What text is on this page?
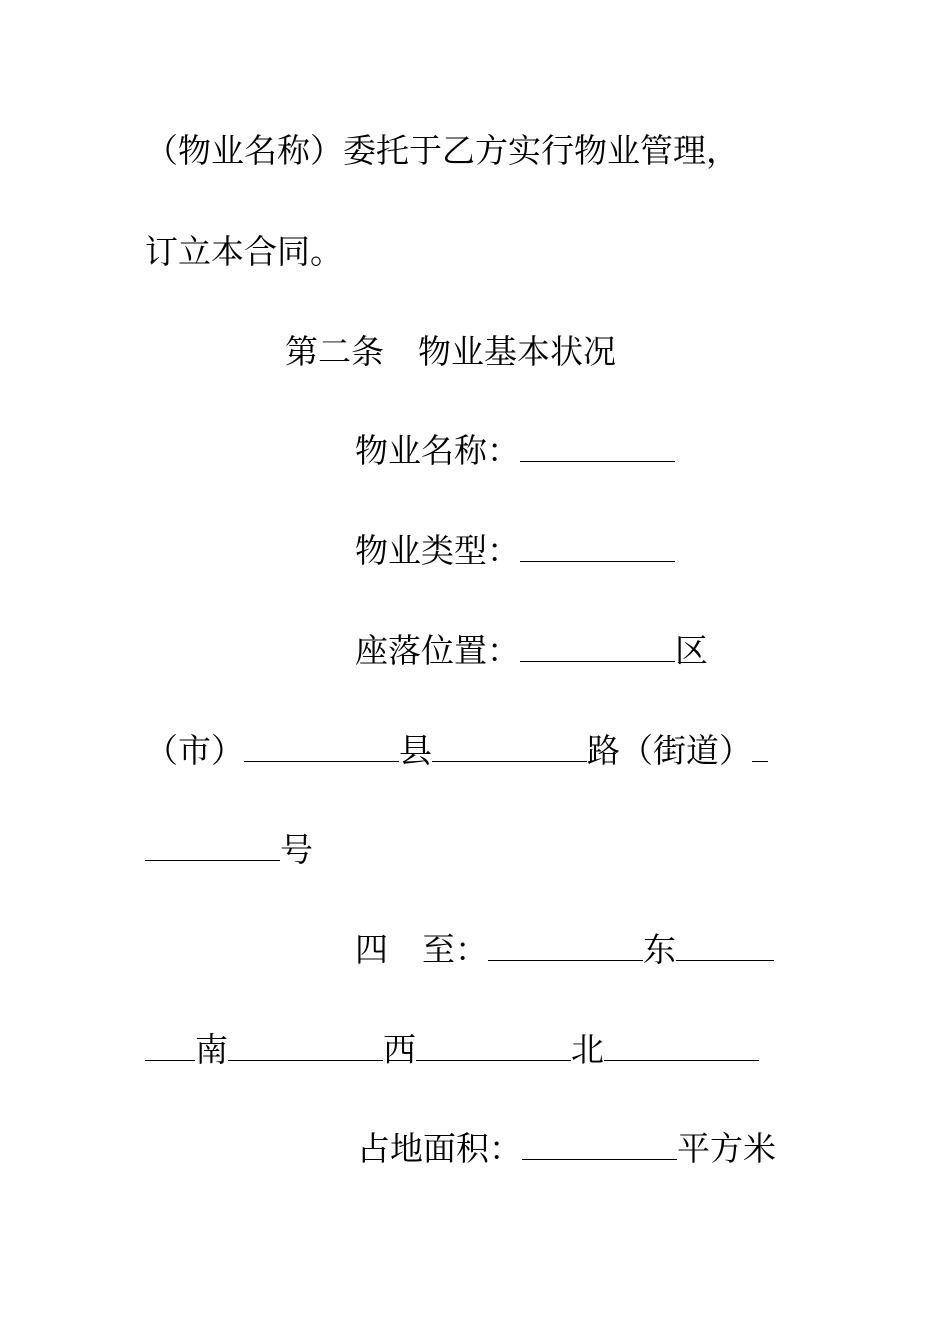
（物业名称）委托于乙方实行物业管理，
订立本合同。
第二条 物业基本状况
物业名称：
物业类型：
座落位置：	区
（市）	县	路（街道）
号
四 至：	东
南	西	北
占地面积：	平方米
